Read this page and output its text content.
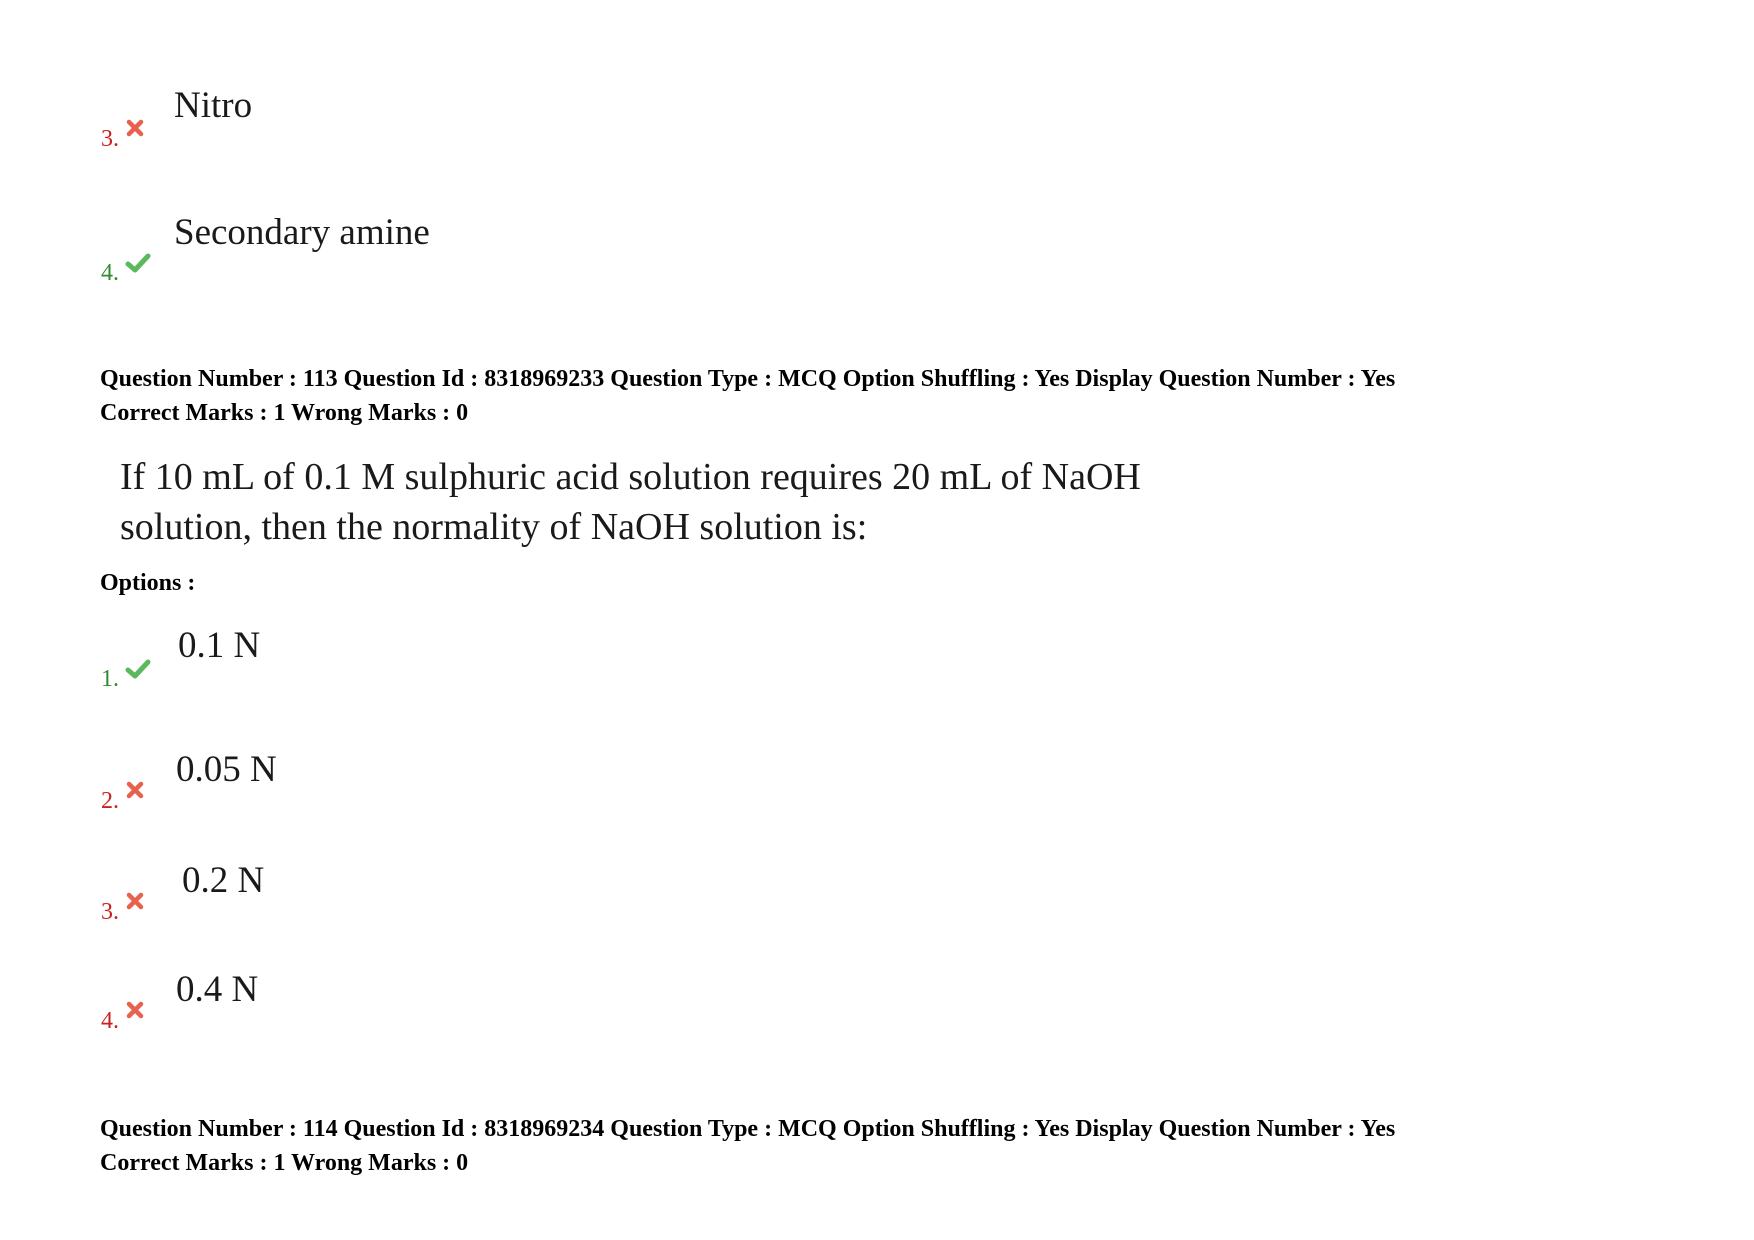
Nitro
3.
Secondary amine
4.
Question Number : 113 Question Id : 8318969233 Question Type : MCQ Option Shuffling : Yes Display Question Number : Yes
Correct Marks : 1 Wrong Marks : 0
If 10 mL of 0.1 M sulphuric acid solution requires 20 mL of NaOH
solution, then the normality of NaOH solution is:
Options :
0.1 N
1.
0.05 N
2.
0.2 N
3.
0.4 N
4.
Question Number : 114 Question Id : 8318969234 Question Type : MCQ Option Shuffling : Yes Display Question Number : Yes
Correct Marks : 1 Wrong Marks : 0
